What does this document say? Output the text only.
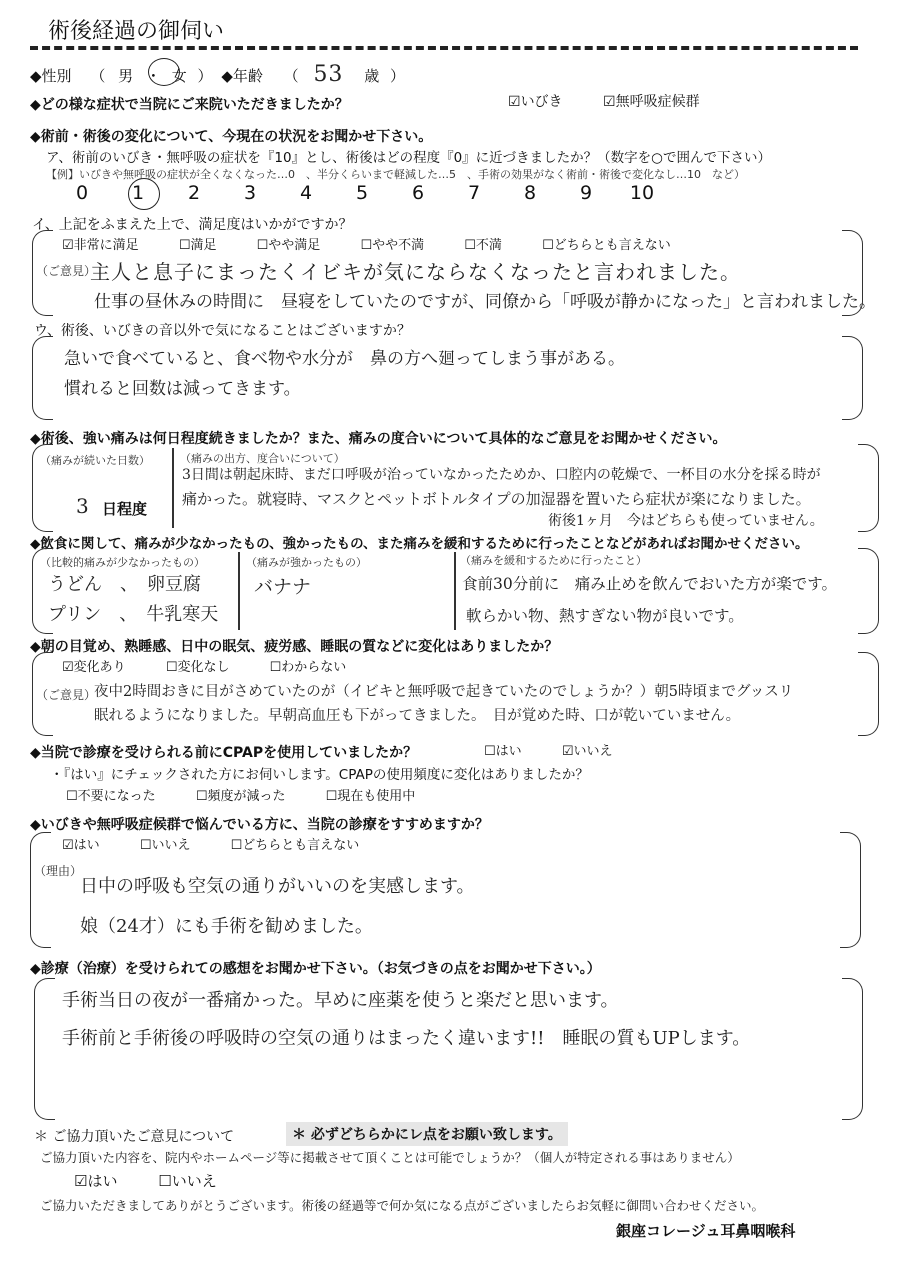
術後経過の御伺い
◆性別 （ 男 ・ 女 ） ◆年齢 （ 53 歳 ）
◆どの様な症状で当院にご来院いただきましたか？	☑いびき	☑無呼吸症候群
◆術前・術後の変化について、今現在の状況をお聞かせ下さい。
ア、術前のいびき・無呼吸の症状を『10』とし、術後はどの程度『0』に近づきましたか？（数字を○で囲んで下さい）
【例】いびきや無呼吸の症状が全くなくなった…0　、半分くらいまで軽減した…5　、手術の効果がなく術前・術後で変化なし…10　など）
0 1 2 3 4 5 6 7 8 9 10
イ、上記をふまえた上で、満足度はいかがですか？
☑非常に満足	☐満足	☐やや満足	☐やや不満	☐不満	☐どちらとも言えない
（ご意見）
主人と息子にまったくイビキが気にならなくなったと言われました。
仕事の昼休みの時間に　昼寝をしていたのですが、同僚から「呼吸が静かになった」と言われました。
ウ、術後、いびきの音以外で気になることはございますか？
急いで食べていると、食べ物や水分が　鼻の方へ廻ってしまう事がある。
慣れると回数は減ってきます。
◆術後、強い痛みは何日程度続きましたか？また、痛みの度合いについて具体的なご意見をお聞かせください。
（痛みが続いた日数）
3 日程度
（痛みの出方、度合いについて）
3日間は朝起床時、まだ口呼吸が治っていなかったためか、口腔内の乾燥で、一杯目の水分を採る時が
痛かった。就寝時、マスクとペットボトルタイプの加湿器を置いたら症状が楽になりました。
術後1ヶ月　今はどちらも使っていません。
◆飲食に関して、痛みが少なかったもの、強かったもの、また痛みを緩和するために行ったことなどがあればお聞かせください。
（比較的痛みが少なかったもの）
うどん　、　卵豆腐
プリン　、　牛乳寒天
（痛みが強かったもの）
バナナ
（痛みを緩和するために行ったこと）
食前30分前に　痛み止めを飲んでおいた方が楽です。
軟らかい物、熱すぎない物が良いです。
◆朝の目覚め、熟睡感、日中の眠気、疲労感、睡眠の質などに変化はありましたか？
☑変化あり	☐変化なし	☐わからない
（ご意見）
夜中2時間おきに目がさめていたのが（イビキと無呼吸で起きていたのでしょうか？）朝5時頃までグッスリ
眠れるようになりました。早朝高血圧も下がってきました。　目が覚めた時、口が乾いていません。
◆当院で診療を受けられる前にCPAPを使用していましたか？	☐はい	☑いいえ
・『はい』にチェックされた方にお伺いします。CPAPの使用頻度に変化はありましたか？
☐不要になった	☐頻度が減った	☐現在も使用中
◆いびきや無呼吸症候群で悩んでいる方に、当院の診療をすすめますか？
☑はい	☐いいえ	☐どちらとも言えない
（理由）
日中の呼吸も空気の通りがいいのを実感します。
娘（24才）にも手術を勧めました。
◆診療（治療）を受けられての感想をお聞かせ下さい。（お気づきの点をお聞かせ下さい。）
手術当日の夜が一番痛かった。早めに座薬を使うと楽だと思います。
手術前と手術後の呼吸時の空気の通りはまったく違います!!　睡眠の質もUPします。
＊ ご協力頂いたご意見について	＊ 必ずどちらかにレ点をお願い致します。
ご協力頂いた内容を、院内やホームページ等に掲載させて頂くことは可能でしょうか？（個人が特定される事はありません）
☑はい	☐いいえ
ご協力いただきましてありがとうございます。術後の経過等で何か気になる点がございましたらお気軽に御問い合わせください。
銀座コレージュ耳鼻咽喉科
